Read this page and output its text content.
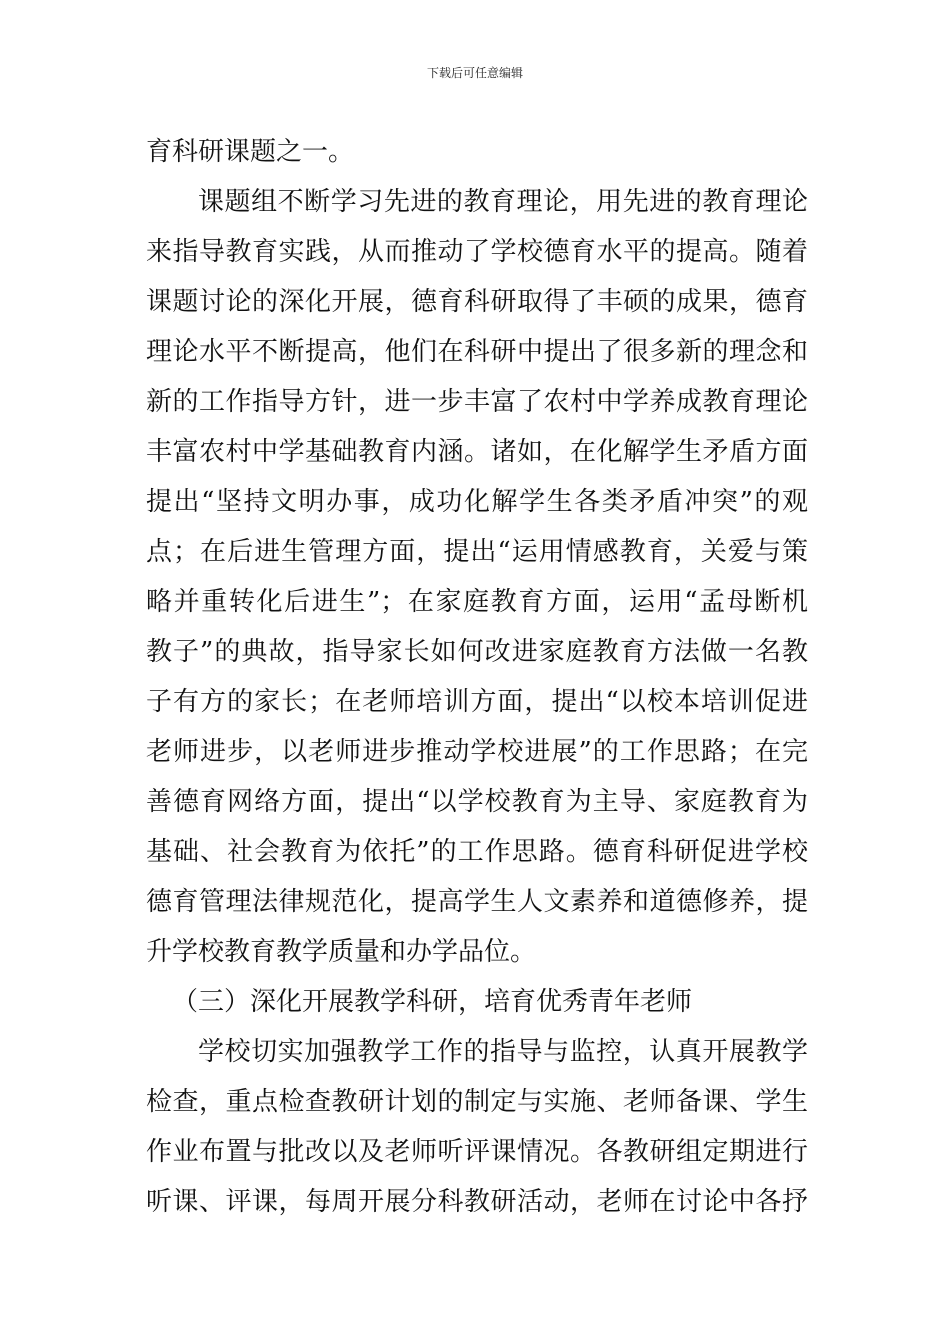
下载后可任意编辑
育科研课题之一。
课题组不断学习先进的教育理论，用先进的教育理论
来指导教育实践，从而推动了学校德育水平的提高。随着
课题讨论的深化开展，德育科研取得了丰硕的成果，德育
理论水平不断提高，他们在科研中提出了很多新的理念和
新的工作指导方针，进一步丰富了农村中学养成教育理论
丰富农村中学基础教育内涵。诸如，在化解学生矛盾方面
提出“坚持文明办事，成功化解学生各类矛盾冲突”的观
点；在后进生管理方面，提出“运用情感教育，关爱与策
略并重转化后进生”；在家庭教育方面，运用“孟母断机
教子”的典故，指导家长如何改进家庭教育方法做一名教
子有方的家长；在老师培训方面，提出“以校本培训促进
老师进步，以老师进步推动学校进展”的工作思路；在完
善德育网络方面，提出“以学校教育为主导、家庭教育为
基础、社会教育为依托”的工作思路。德育科研促进学校
德育管理法律规范化，提高学生人文素养和道德修养，提
升学校教育教学质量和办学品位。
（三）深化开展教学科研，培育优秀青年老师
学校切实加强教学工作的指导与监控，认真开展教学
检查，重点检查教研计划的制定与实施、老师备课、学生
作业布置与批改以及老师听评课情况。各教研组定期进行
听课、评课，每周开展分科教研活动，老师在讨论中各抒
